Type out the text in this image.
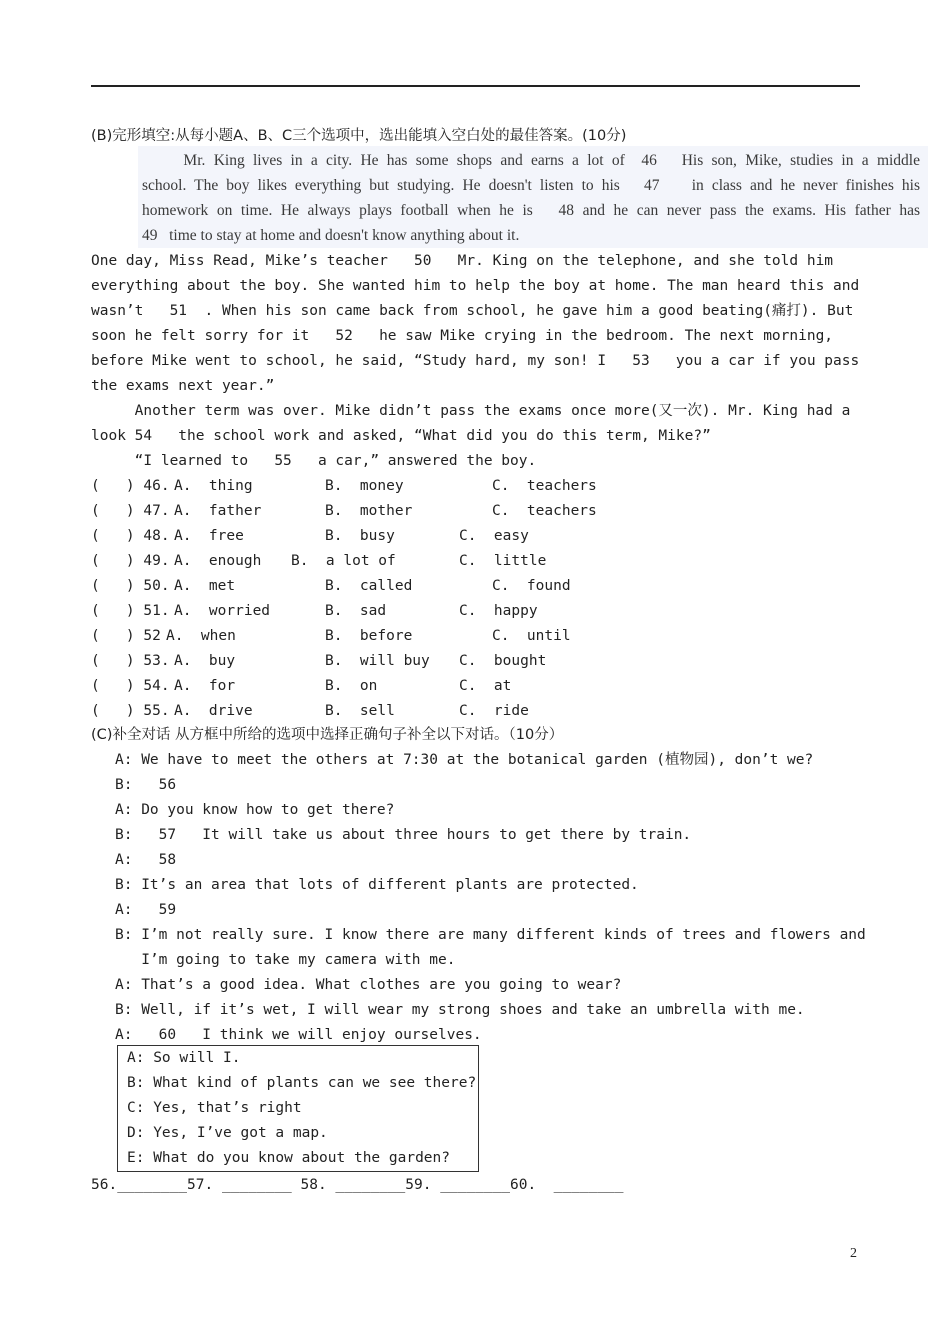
(B)完形填空:从每小题A、B、C三个选项中，选出能填入空白处的最佳答案。(10分)
Mr. King lives in a city. He has some shops and earns a lot of  46   His son, Mike, studies in a middle
school. The boy likes everything but studying. He doesn't listen to his   47    in class and he never finishes his
homework on time. He always plays football when he is   48 and he can never pass the exams. His father has
49   time to stay at home and doesn't know anything about it.
One day, Miss Read, Mike’s teacher   50   Mr. King on the telephone, and she told him
everything about the boy. She wanted him to help the boy at home. The man heard this and
wasn’t   51  . When his son came back from school, he gave him a good beating(痛打). But
soon he felt sorry for it   52   he saw Mike crying in the bedroom. The next morning,
before Mike went to school, he said, “Study hard, my son! I   53   you a car if you pass
the exams next year.”
Another term was over. Mike didn’t pass the exams once more(又一次). Mr. King had a
look 54   the school work and asked, “What did you do this term, Mike?”
“I learned to   55   a car,” answered the boy.
(   ) 46. A.  thing	B.  money	C.  teachers
(   ) 47. A.  father	B.  mother	C.  teachers
(   ) 48. A.  free	B.  busy	C.  easy
(   ) 49. A.  enough B.  a lot of	C.  little
(   ) 50. A.  met	B.  called	C.  found
(   ) 51. A.  worried	B.  sad	C.  happy
(   ) 52 A.  when	B.  before	C.  until
(   ) 53. A.  buy	B.  will buy C.  bought
(   ) 54. A.  for	B.  on	C.  at
(   ) 55. A.  drive	B.  sell	C.  ride
(C)补全对话 从方框中所给的选项中选择正确句子补全以下对话。（10分）
A: We have to meet the others at 7:30 at the botanical garden (植物园), don’t we?
B:   56
A: Do you know how to get there?
B:   57   It will take us about three hours to get there by train.
A:   58
B: It’s an area that lots of different plants are protected.
A:   59
B: I’m not really sure. I know there are many different kinds of trees and flowers and
I’m going to take my camera with me.
A: That’s a good idea. What clothes are you going to wear?
B: Well, if it’s wet, I will wear my strong shoes and take an umbrella with me.
A:   60   I think we will enjoy ourselves.
A: So will I.
B: What kind of plants can we see there?
C: Yes, that’s right
D: Yes, I’ve got a map.
E: What do you know about the garden?
56.________57. ________ 58. ________59. ________60.  ________
2
